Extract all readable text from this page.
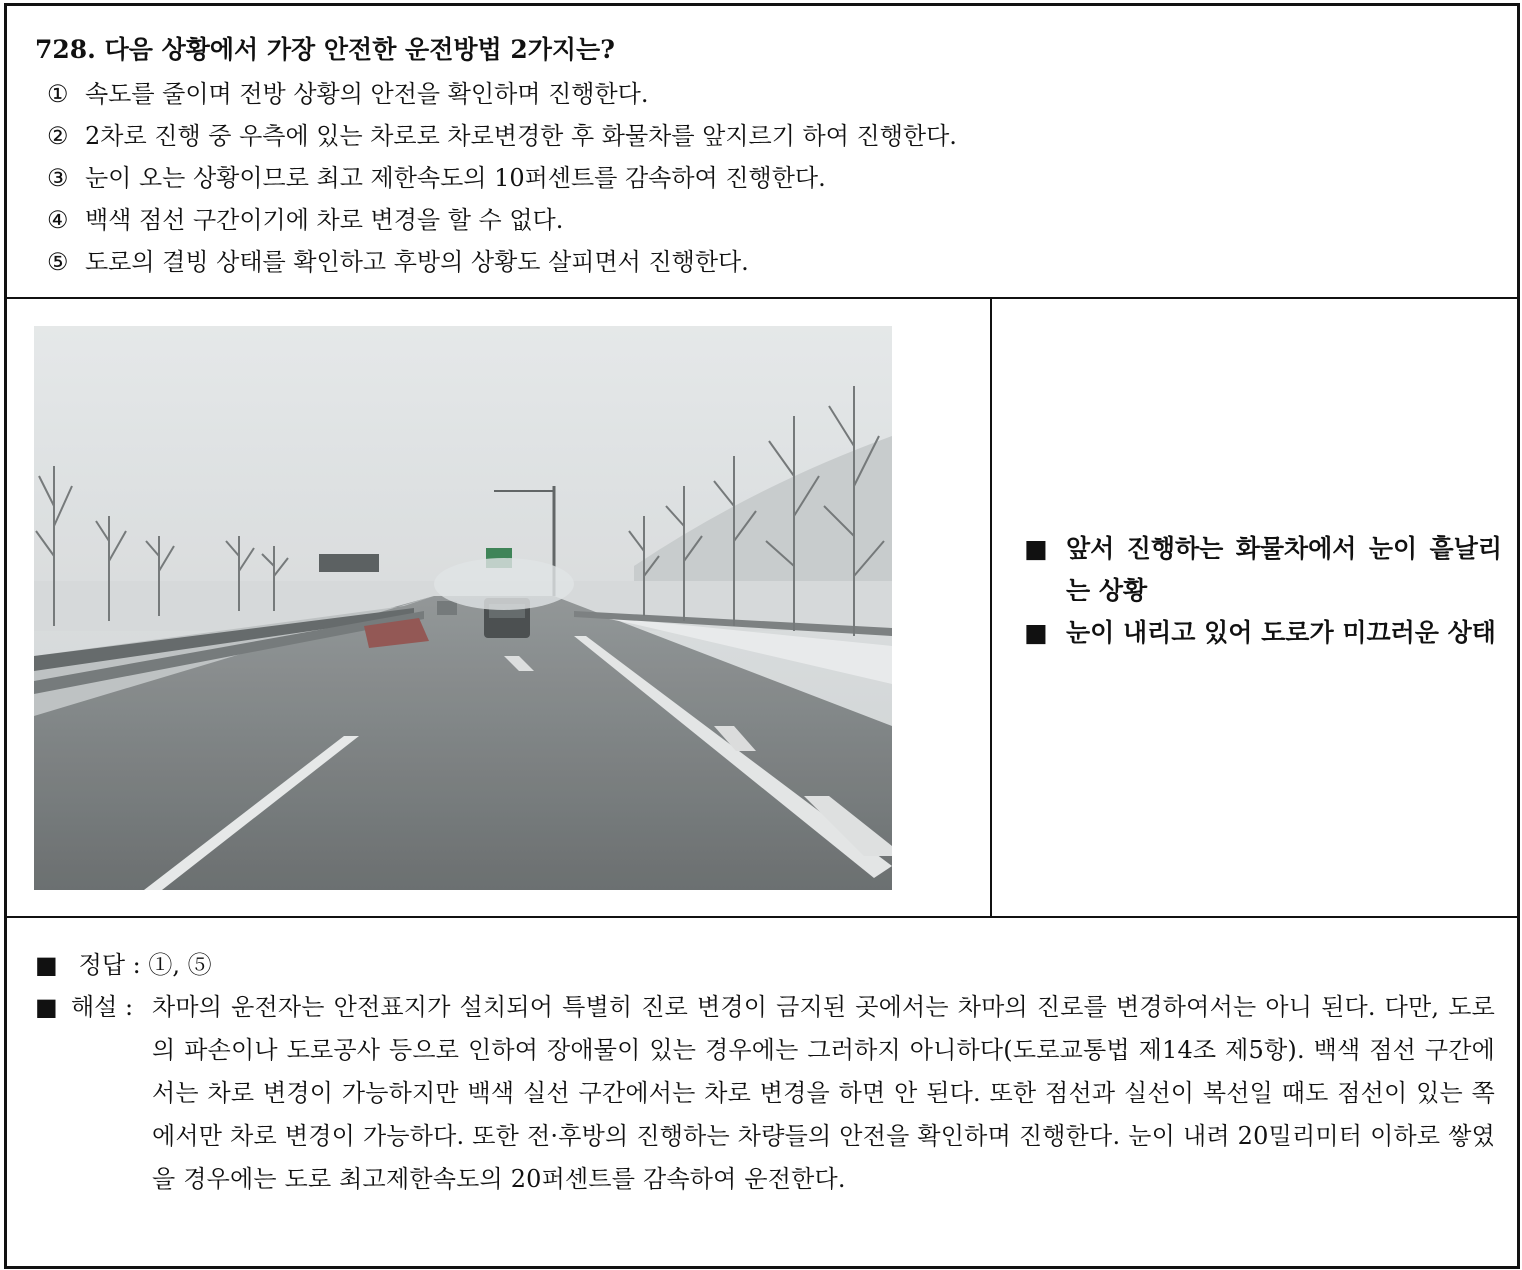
728. 다음 상황에서 가장 안전한 운전방법 2가지는?
① 속도를 줄이며 전방 상황의 안전을 확인하며 진행한다.
② 2차로 진행 중 우측에 있는 차로로 차로변경한 후 화물차를 앞지르기 하여 진행한다.
③ 눈이 오는 상황이므로 최고 제한속도의 10퍼센트를 감속하여 진행한다.
④ 백색 점선 구간이기에 차로 변경을 할 수 없다.
⑤ 도로의 결빙 상태를 확인하고 후방의 상황도 살피면서 진행한다.
■ 앞서 진행하는 화물차에서 눈이 흩날리는 상황
■ 눈이 내리고 있어 도로가 미끄러운 상태
■ 정답 : ①, ⑤
■ 해설 : 차마의 운전자는 안전표지가 설치되어 특별히 진로 변경이 금지된 곳에서는 차마의 진로를 변경하여서는 아니 된다. 다만, 도로의 파손이나 도로공사 등으로 인하여 장애물이 있는 경우에는 그러하지 아니하다(도로교통법 제14조 제5항). 백색 점선 구간에서는 차로 변경이 가능하지만 백색 실선 구간에서는 차로 변경을 하면 안 된다. 또한 점선과 실선이 복선일 때도 점선이 있는 쪽에서만 차로 변경이 가능하다. 또한 전·후방의 진행하는 차량들의 안전을 확인하며 진행한다. 눈이 내려 20밀리미터 이하로 쌓였을 경우에는 도로 최고제한속도의 20퍼센트를 감속하여 운전한다.
